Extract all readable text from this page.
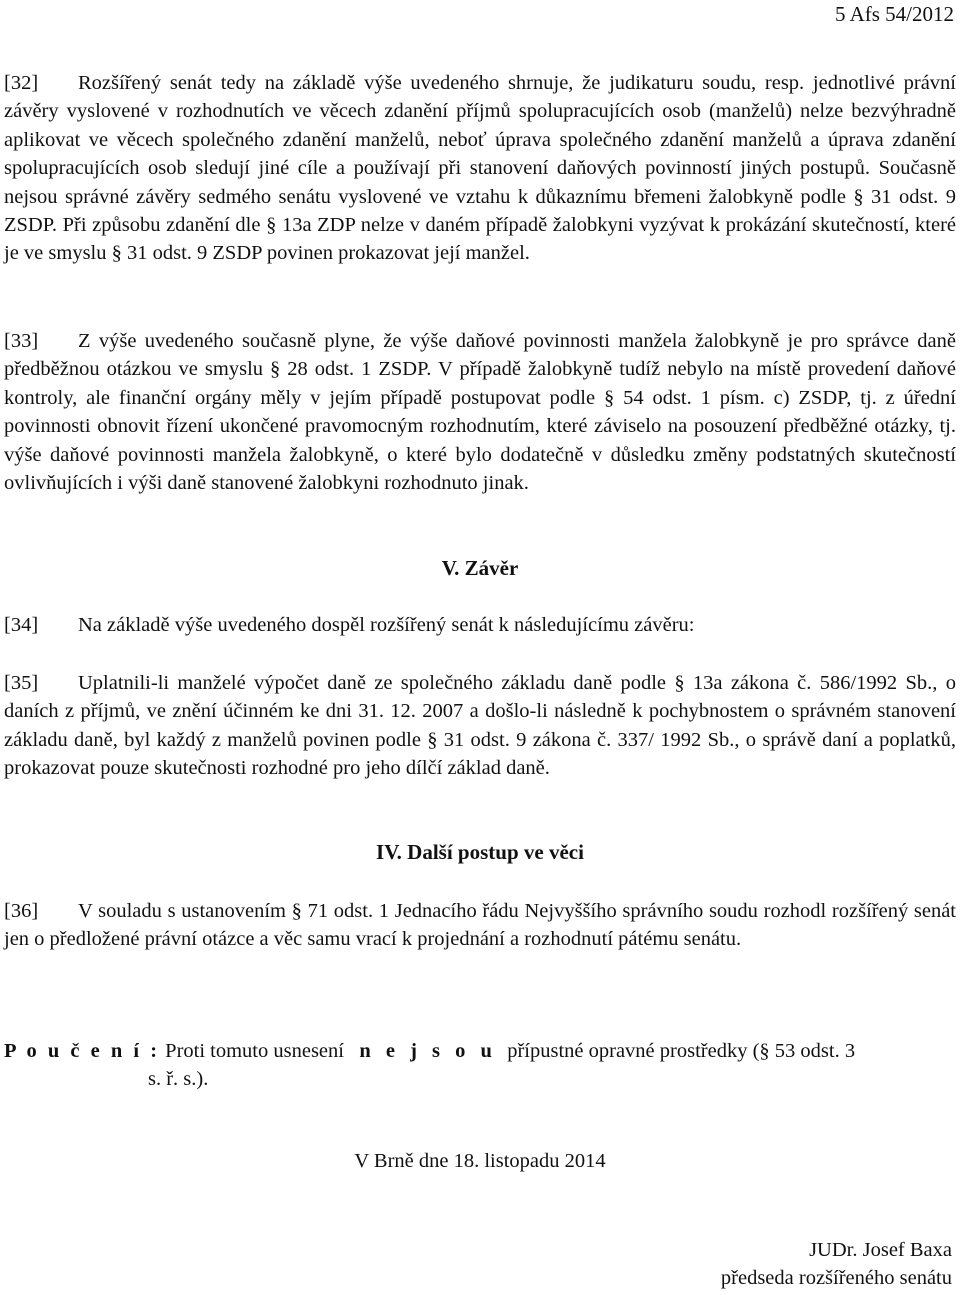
5 Afs 54/2012
[32] Rozšířený senát tedy na základě výše uvedeného shrnuje, že judikaturu soudu, resp. jednotlivé právní závěry vyslovené v rozhodnutích ve věcech zdanění příjmů spolupracujících osob (manželů) nelze bezvýhradně aplikovat ve věcech společného zdanění manželů, neboť úprava společného zdanění manželů a úprava zdanění spolupracujících osob sledují jiné cíle a používají při stanovení daňových povinností jiných postupů. Současně nejsou správné závěry sedmého senátu vyslovené ve vztahu k důkaznímu břemeni žalobkyně podle § 31 odst. 9 ZSDP. Při způsobu zdanění dle § 13a ZDP nelze v daném případě žalobkyni vyzývat k prokázání skutečností, které je ve smyslu § 31 odst. 9 ZSDP povinen prokazovat její manžel.
[33] Z výše uvedeného současně plyne, že výše daňové povinnosti manžela žalobkyně je pro správce daně předběžnou otázkou ve smyslu § 28 odst. 1 ZSDP. V případě žalobkyně tudíž nebylo na místě provedení daňové kontroly, ale finanční orgány měly v jejím případě postupovat podle § 54 odst. 1 písm. c) ZSDP, tj. z úřední povinnosti obnovit řízení ukončené pravomocným rozhodnutím, které záviselo na posouzení předběžné otázky, tj. výše daňové povinnosti manžela žalobkyně, o které bylo dodatečně v důsledku změny podstatných skutečností ovlivňujících i výši daně stanovené žalobkyni rozhodnuto jinak.
V. Závěr
[34] Na základě výše uvedeného dospěl rozšířený senát k následujícímu závěru:
[35] Uplatnili-li manželé výpočet daně ze společného základu daně podle § 13a zákona č. 586/1992 Sb., o daních z příjmů, ve znění účinném ke dni 31. 12. 2007 a došlo-li následně k pochybnostem o správném stanovení základu daně, byl každý z manželů povinen podle § 31 odst. 9 zákona č. 337/ 1992 Sb., o správě daní a poplatků, prokazovat pouze skutečnosti rozhodné pro jeho dílčí základ daně.
IV. Další postup ve věci
[36] V souladu s ustanovením § 71 odst. 1 Jednacího řádu Nejvyššího správního soudu rozhodl rozšířený senát jen o předložené právní otázce a věc samu vrací k projednání a rozhodnutí pátému senátu.
P o u č e n í : Proti tomuto usnesení n e j s o u přípustné opravné prostředky (§ 53 odst. 3
s. ř. s.).
V Brně dne 18. listopadu 2014
JUDr. Josef Baxa
předseda rozšířeného senátu
